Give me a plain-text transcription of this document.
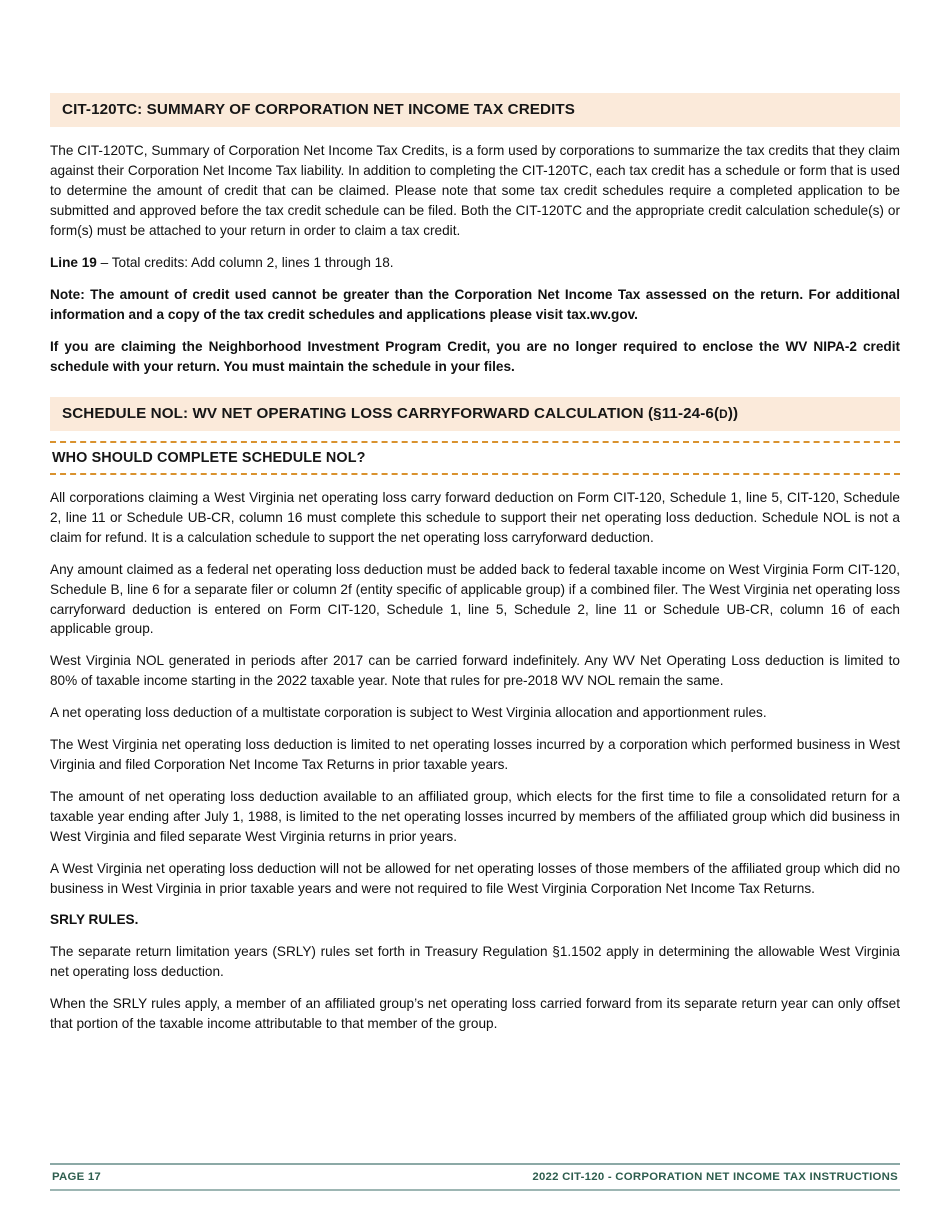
CIT-120TC: SUMMARY OF CORPORATION NET INCOME TAX CREDITS

The CIT-120TC, Summary of Corporation Net Income Tax Credits, is a form used by corporations to summarize the tax credits that they claim against their Corporation Net Income Tax liability. In addition to completing the CIT-120TC, each tax credit has a schedule or form that is used to determine the amount of credit that can be claimed. Please note that some tax credit schedules require a completed application to be submitted and approved before the tax credit schedule can be filed. Both the CIT-120TC and the appropriate credit calculation schedule(s) or form(s) must be attached to your return in order to claim a tax credit.

Line 19 – Total credits: Add column 2, lines 1 through 18.

Note: The amount of credit used cannot be greater than the Corporation Net Income Tax assessed on the return. For additional information and a copy of the tax credit schedules and applications please visit tax.wv.gov.

If you are claiming the Neighborhood Investment Program Credit, you are no longer required to enclose the WV NIPA-2 credit schedule with your return. You must maintain the schedule in your files.

SCHEDULE NOL: WV NET OPERATING LOSS CARRYFORWARD CALCULATION (§11-24-6(D))
WHO SHOULD COMPLETE SCHEDULE NOL?

All corporations claiming a West Virginia net operating loss carry forward deduction on Form CIT-120, Schedule 1, line 5, CIT-120, Schedule 2, line 11 or Schedule UB-CR, column 16 must complete this schedule to support their net operating loss deduction. Schedule NOL is not a claim for refund. It is a calculation schedule to support the net operating loss carryforward deduction.

Any amount claimed as a federal net operating loss deduction must be added back to federal taxable income on West Virginia Form CIT-120, Schedule B, line 6 for a separate filer or column 2f (entity specific of applicable group) if a combined filer. The West Virginia net operating loss carryforward deduction is entered on Form CIT-120, Schedule 1, line 5, Schedule 2, line 11 or Schedule UB-CR, column 16 of each applicable group.

West Virginia NOL generated in periods after 2017 can be carried forward indefinitely. Any WV Net Operating Loss deduction is limited to 80% of taxable income starting in the 2022 taxable year. Note that rules for pre-2018 WV NOL remain the same.

A net operating loss deduction of a multistate corporation is subject to West Virginia allocation and apportionment rules.

The West Virginia net operating loss deduction is limited to net operating losses incurred by a corporation which performed business in West Virginia and filed Corporation Net Income Tax Returns in prior taxable years.

The amount of net operating loss deduction available to an affiliated group, which elects for the first time to file a consolidated return for a taxable year ending after July 1, 1988, is limited to the net operating losses incurred by members of the affiliated group which did business in West Virginia and filed separate West Virginia returns in prior years.

A West Virginia net operating loss deduction will not be allowed for net operating losses of those members of the affiliated group which did no business in West Virginia in prior taxable years and were not required to file West Virginia Corporation Net Income Tax Returns.

SRLY RULES.

The separate return limitation years (SRLY) rules set forth in Treasury Regulation §1.1502 apply in determining the allowable West Virginia net operating loss deduction.

When the SRLY rules apply, a member of an affiliated group’s net operating loss carried forward from its separate return year can only offset that portion of the taxable income attributable to that member of the group.

PAGE 17	2022 CIT-120 - CORPORATION NET INCOME TAX INSTRUCTIONS
